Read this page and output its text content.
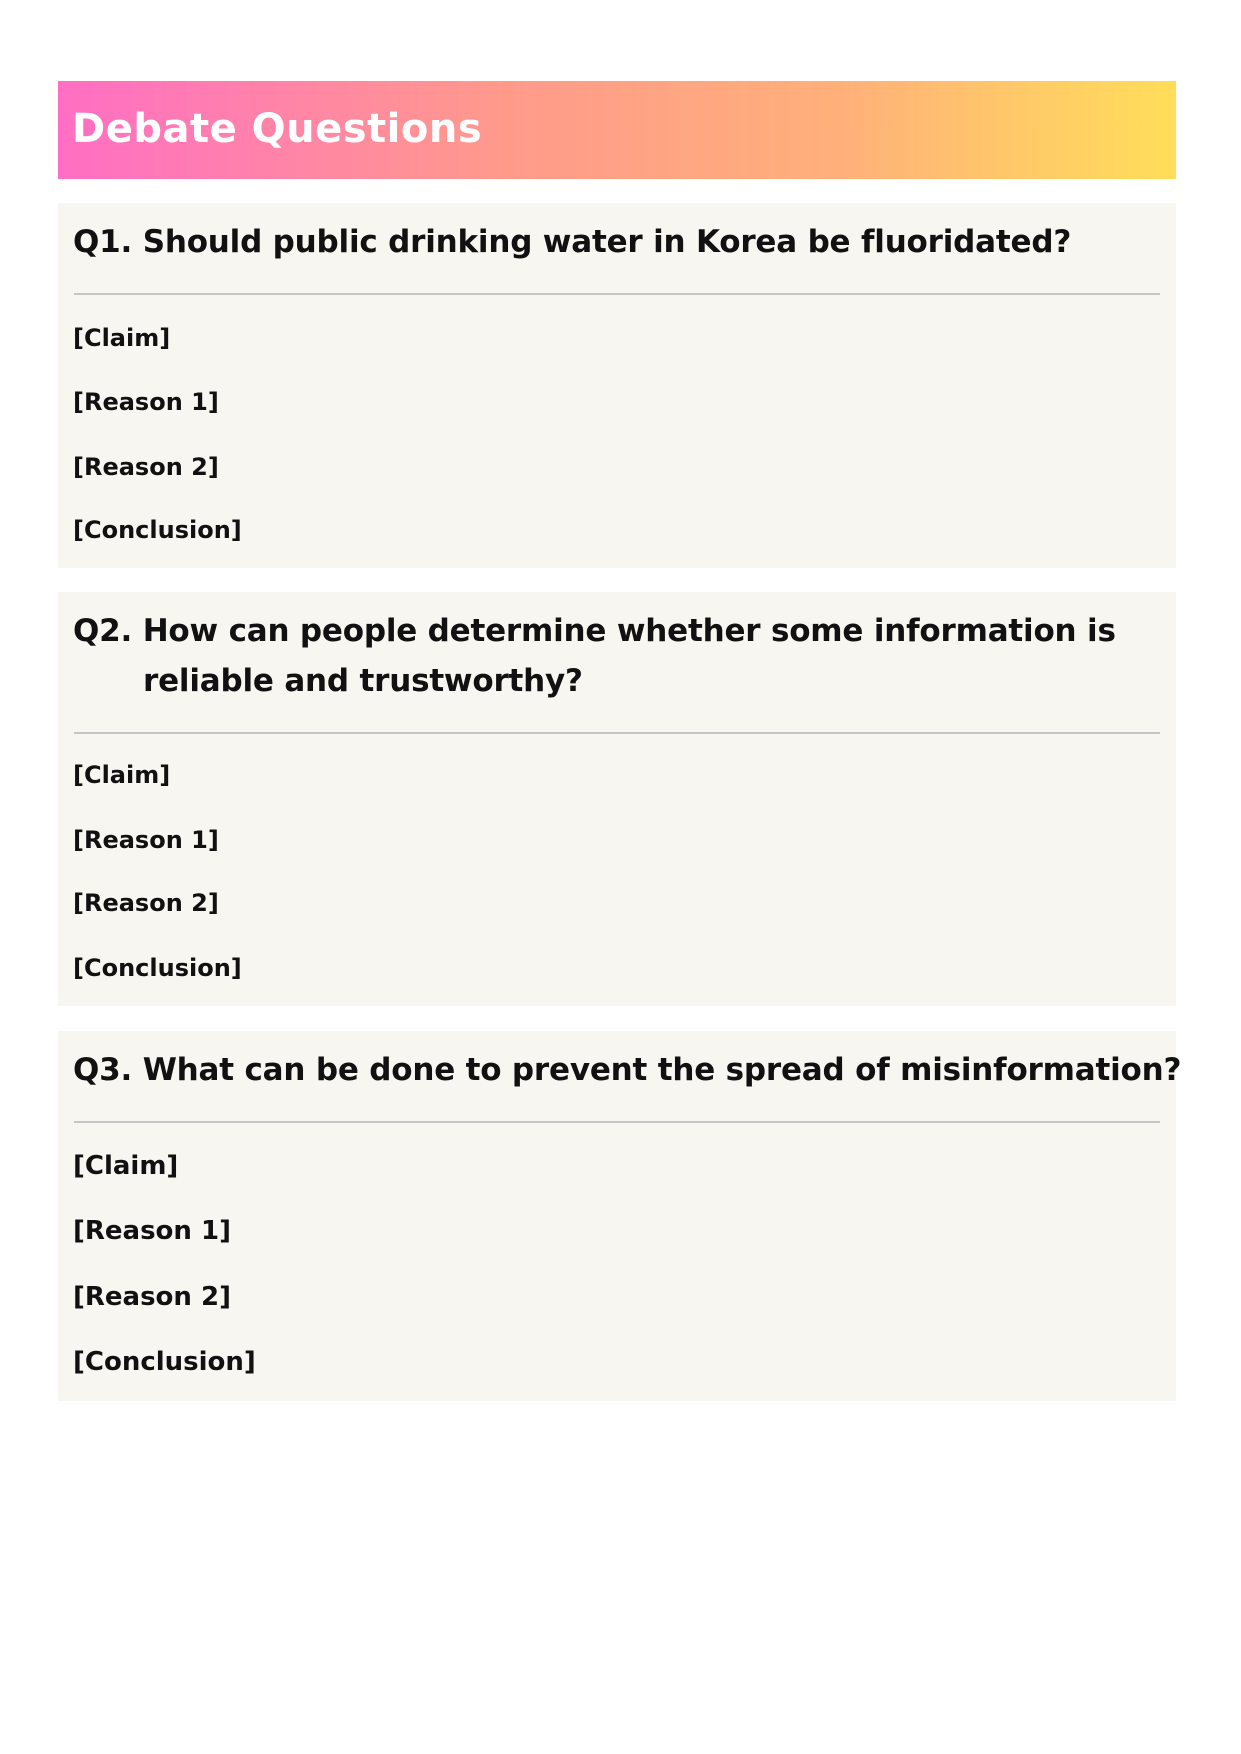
Debate Questions
Q1. Should public drinking water in Korea be fluoridated?
[Claim]
[Reason 1]
[Reason 2]
[Conclusion]
Q2. How can people determine whether some information is
reliable and trustworthy?
[Claim]
[Reason 1]
[Reason 2]
[Conclusion]
Q3. What can be done to prevent the spread of misinformation?
[Claim]
[Reason 1]
[Reason 2]
[Conclusion]
